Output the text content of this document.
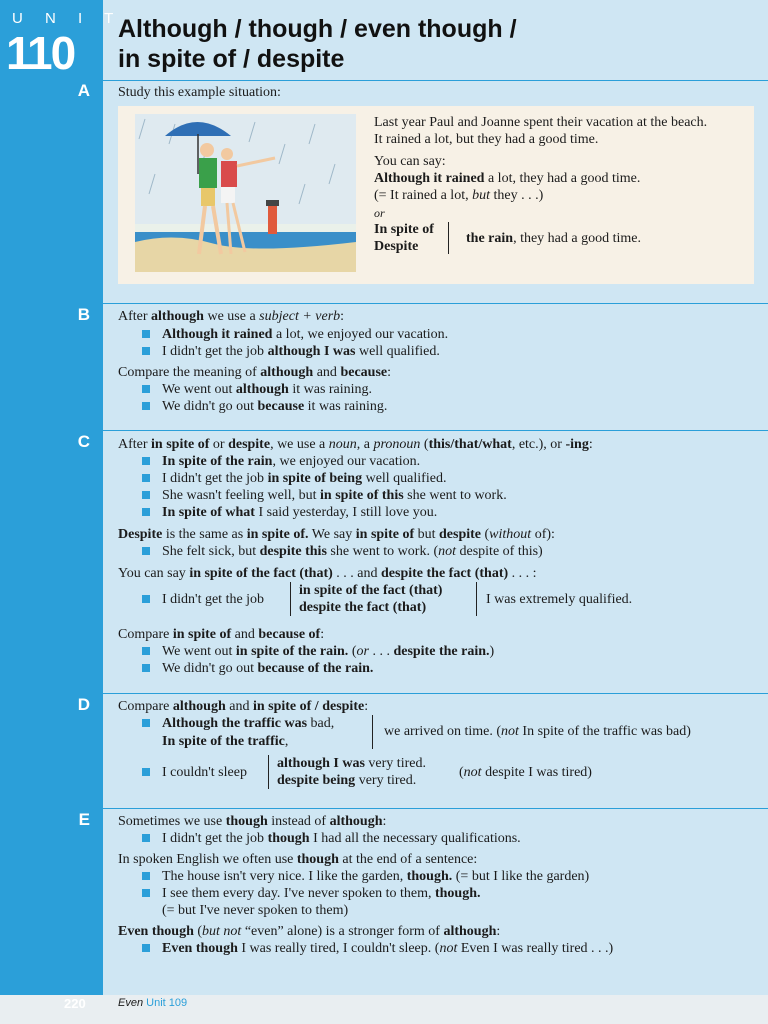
U N I T
110 Although / though / even though /
in spite of / despite
A Study this example situation:
Last year Paul and Joanne spent their vacation at the beach.
It rained a lot, but they had a good time.
You can say:
Although it rained a lot, they had a good time.
(= It rained a lot, but they . . .)
or
In spite of
Despite
the rain, they had a good time.
B After although we use a subject + verb:
Although it rained a lot, we enjoyed our vacation.
I didn't get the job although I was well qualified.
Compare the meaning of although and because:
We went out although it was raining.
We didn't go out because it was raining.
C After in spite of or despite, we use a noun, a pronoun (this/that/what, etc.), or -ing:
In spite of the rain, we enjoyed our vacation.
I didn't get the job in spite of being well qualified.
She wasn't feeling well, but in spite of this she went to work.
In spite of what I said yesterday, I still love you.
Despite is the same as in spite of. We say in spite of but despite (without of):
She felt sick, but despite this she went to work. (not despite of this)
You can say in spite of the fact (that) . . . and despite the fact (that) . . . :
I didn't get the job
in spite of the fact (that)
despite the fact (that)
I was extremely qualified.
Compare in spite of and because of:
We went out in spite of the rain. (or . . . despite the rain.)
We didn't go out because of the rain.
D Compare although and in spite of / despite:
Although the traffic was bad,
In spite of the traffic,
we arrived on time. (not In spite of the traffic was bad)
I couldn't sleep
although I was very tired.
despite being very tired.
(not despite I was tired)
E Sometimes we use though instead of although:
I didn't get the job though I had all the necessary qualifications.
In spoken English we often use though at the end of a sentence:
The house isn't very nice. I like the garden, though. (= but I like the garden)
I see them every day. I've never spoken to them, though.
(= but I've never spoken to them)
Even though (but not “even” alone) is a stronger form of although:
Even though I was really tired, I couldn't sleep. (not Even I was really tired . . .)
220	Even Unit 109
